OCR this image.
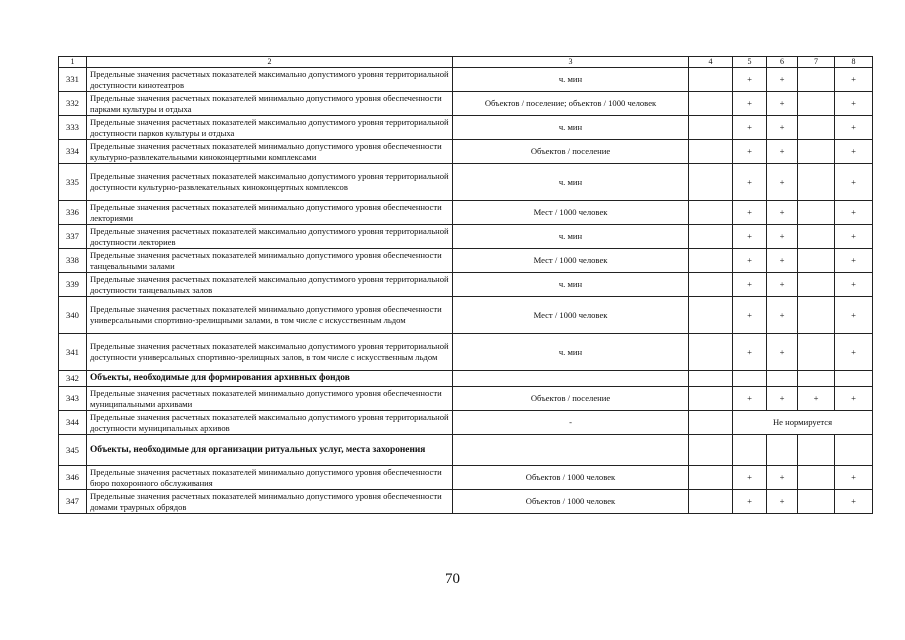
1	2	3	4	5	6	7	8
331	Предельные значения расчетных показателей максимально допустимого уровня территориальной доступности кинотеатров	ч. мин		+	+		+
332	Предельные значения расчетных показателей минимально допустимого уровня обеспеченности парками культуры и отдыха	Объектов / поселение; объектов / 1000 человек		+	+		+
333	Предельные значения расчетных показателей максимально допустимого уровня территориальной доступности парков культуры и отдыха	ч. мин		+	+		+
334	Предельные значения расчетных показателей минимально допустимого уровня обеспеченности культурно-развлекательными киноконцертными комплексами	Объектов / поселение		+	+		+
335	Предельные значения расчетных показателей максимально допустимого уровня территориальной доступности культурно-развлекательных киноконцертных комплексов	ч. мин		+	+		+
336	Предельные значения расчетных показателей минимально допустимого уровня обеспеченности лекториями	Мест / 1000 человек		+	+		+
337	Предельные значения расчетных показателей максимально допустимого уровня территориальной доступности лекториев	ч. мин		+	+		+
338	Предельные значения расчетных показателей минимально допустимого уровня обеспеченности танцевальными залами	Мест / 1000 человек		+	+		+
339	Предельные значения расчетных показателей максимально допустимого уровня территориальной доступности танцевальных залов	ч. мин		+	+		+
340	Предельные значения расчетных показателей минимально допустимого уровня обеспеченности универсальными спортивно-зрелищными залами, в том числе с искусственным льдом	Мест / 1000 человек		+	+		+
341	Предельные значения расчетных показателей максимально допустимого уровня территориальной доступности универсальных спортивно-зрелищных залов, в том числе с искусственным льдом	ч. мин		+	+		+
342	Объекты, необходимые для формирования архивных фондов						
343	Предельные значения расчетных показателей минимально допустимого уровня обеспеченности муниципальными архивами	Объектов / поселение		+	+	+	+
344	Предельные значения расчетных показателей максимально допустимого уровня территориальной доступности муниципальных архивов	-		Не нормируется			
345	Объекты, необходимые для организации ритуальных услуг, места захоронения						
346	Предельные значения расчетных показателей минимально допустимого уровня обеспеченности бюро похоронного обслуживания	Объектов / 1000 человек		+	+		+
347	Предельные значения расчетных показателей минимально допустимого уровня обеспеченности домами траурных обрядов	Объектов / 1000 человек		+	+		+
70
